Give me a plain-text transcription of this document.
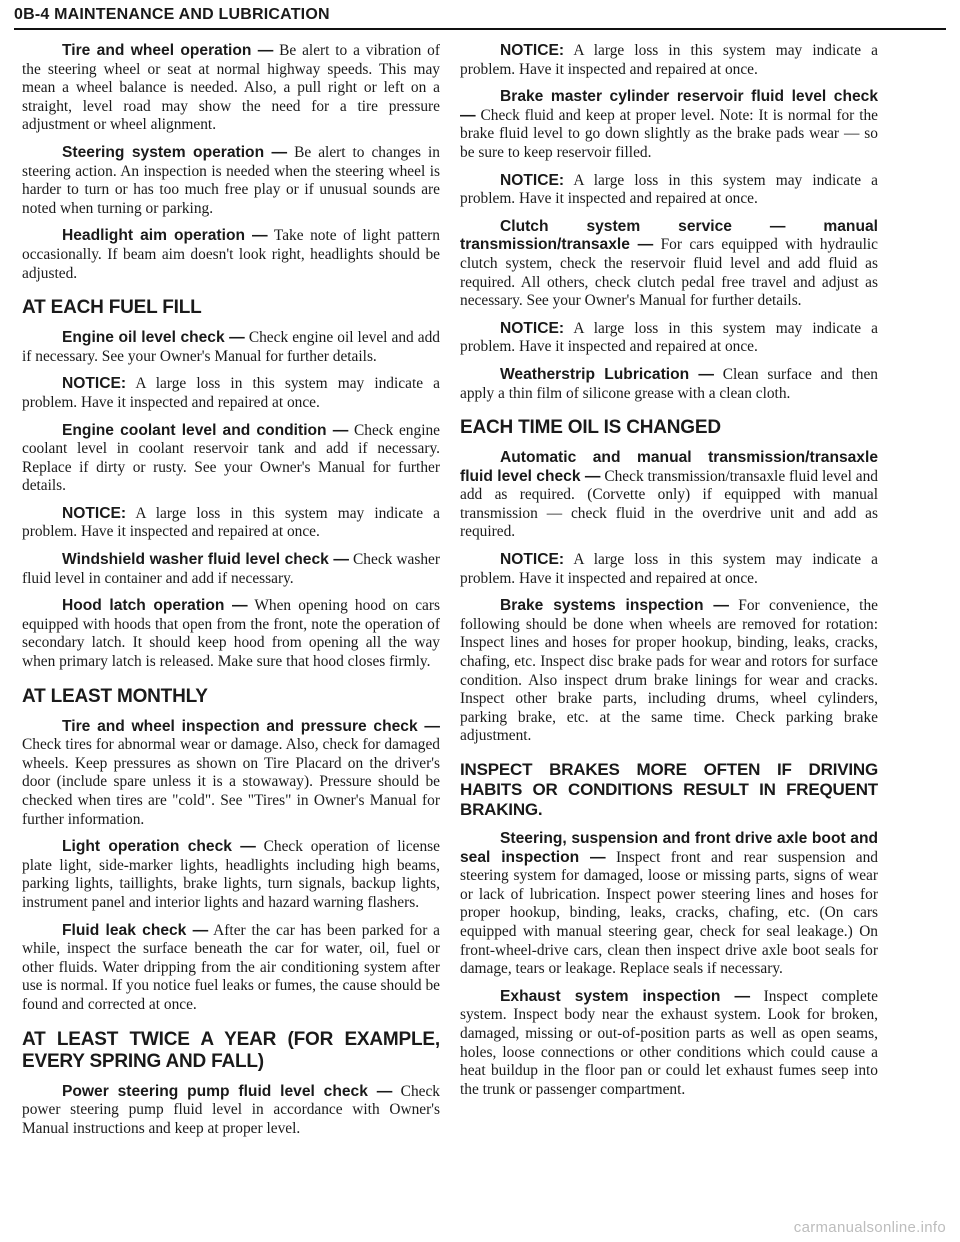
0B-4 MAINTENANCE AND LUBRICATION

Tire and wheel operation — Be alert to a vibration of the steering wheel or seat at normal highway speeds. This may mean a wheel balance is needed. Also, a pull right or left on a straight, level road may show the need for a tire pressure adjustment or wheel alignment.

Steering system operation — Be alert to changes in steering action. An inspection is needed when the steering wheel is harder to turn or has too much free play or if unusual sounds are noted when turning or parking.

Headlight aim operation — Take note of light pattern occasionally. If beam aim doesn't look right, headlights should be adjusted.

AT EACH FUEL FILL

Engine oil level check — Check engine oil level and add if necessary. See your Owner's Manual for further details.

NOTICE: A large loss in this system may indicate a problem. Have it inspected and repaired at once.

Engine coolant level and condition — Check engine coolant level in coolant reservoir tank and add if necessary. Replace if dirty or rusty. See your Owner's Manual for further details.

NOTICE: A large loss in this system may indicate a problem. Have it inspected and repaired at once.

Windshield washer fluid level check — Check washer fluid level in container and add if necessary.

Hood latch operation — When opening hood on cars equipped with hoods that open from the front, note the operation of secondary latch. It should keep hood from opening all the way when primary latch is released. Make sure that hood closes firmly.

AT LEAST MONTHLY

Tire and wheel inspection and pressure check — Check tires for abnormal wear or damage. Also, check for damaged wheels. Keep pressures as shown on Tire Placard on the driver's door (include spare unless it is a stowaway). Pressure should be checked when tires are "cold". See "Tires" in Owner's Manual for further information.

Light operation check — Check operation of license plate light, side-marker lights, headlights including high beams, parking lights, taillights, brake lights, turn signals, backup lights, instrument panel and interior lights and hazard warning flashers.

Fluid leak check — After the car has been parked for a while, inspect the surface beneath the car for water, oil, fuel or other fluids. Water dripping from the air conditioning system after use is normal. If you notice fuel leaks or fumes, the cause should be found and corrected at once.

AT LEAST TWICE A YEAR (FOR EXAMPLE, EVERY SPRING AND FALL)

Power steering pump fluid level check — Check power steering pump fluid level in accordance with Owner's Manual instructions and keep at proper level.

NOTICE: A large loss in this system may indicate a problem. Have it inspected and repaired at once.

Brake master cylinder reservoir fluid level check — Check fluid and keep at proper level. Note: It is normal for the brake fluid level to go down slightly as the brake pads wear — so be sure to keep reservoir filled.

NOTICE: A large loss in this system may indicate a problem. Have it inspected and repaired at once.

Clutch system service — manual transmission/transaxle — For cars equipped with hydraulic clutch system, check the reservoir fluid level and add fluid as required. All others, check clutch pedal free travel and adjust as necessary. See your Owner's Manual for further details.

NOTICE: A large loss in this system may indicate a problem. Have it inspected and repaired at once.

Weatherstrip Lubrication — Clean surface and then apply a thin film of silicone grease with a clean cloth.

EACH TIME OIL IS CHANGED

Automatic and manual transmission/transaxle fluid level check — Check transmission/transaxle fluid level and add as required. (Corvette only) if equipped with manual transmission — check fluid in the overdrive unit and add as required.

NOTICE: A large loss in this system may indicate a problem. Have it inspected and repaired at once.

Brake systems inspection — For convenience, the following should be done when wheels are removed for rotation: Inspect lines and hoses for proper hookup, binding, leaks, cracks, chafing, etc. Inspect disc brake pads for wear and rotors for surface condition. Also inspect drum brake linings for wear and cracks. Inspect other brake parts, including drums, wheel cylinders, parking brake, etc. at the same time. Check parking brake adjustment.

INSPECT BRAKES MORE OFTEN IF DRIVING HABITS OR CONDITIONS RESULT IN FREQUENT BRAKING.

Steering, suspension and front drive axle boot and seal inspection — Inspect front and rear suspension and steering system for damaged, loose or missing parts, signs of wear or lack of lubrication. Inspect power steering lines and hoses for proper hookup, binding, leaks, cracks, chafing, etc. (On cars equipped with manual steering gear, check for seal leakage.) On front-wheel-drive cars, clean then inspect drive axle boot seals for damage, tears or leakage. Replace seals if necessary.

Exhaust system inspection — Inspect complete system. Inspect body near the exhaust system. Look for broken, damaged, missing or out-of-position parts as well as open seams, holes, loose connections or other conditions which could cause a heat buildup in the floor pan or could let exhaust fumes seep into the trunk or passenger compartment.

carmanualsonline.info
